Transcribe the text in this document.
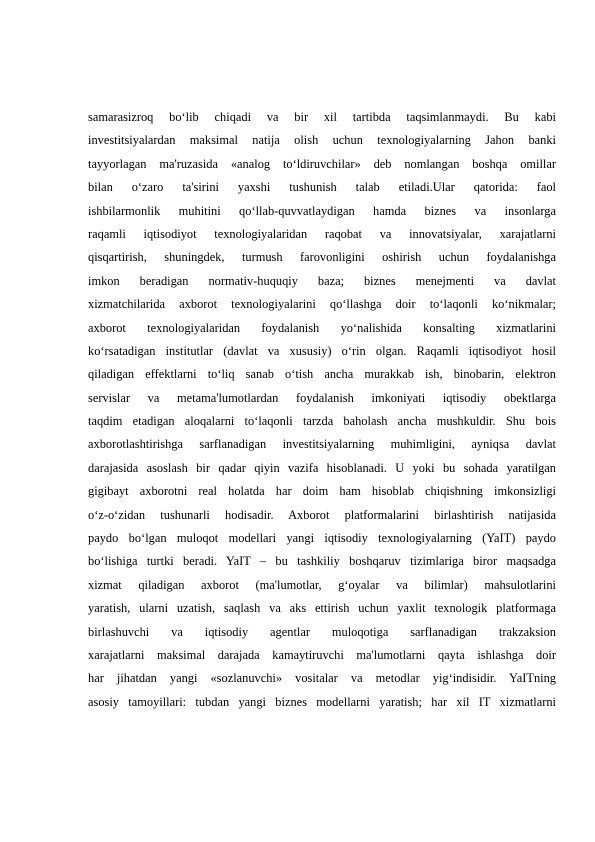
samarasizroq bo‘lib chiqadi va bir xil tartibda taqsimlanmaydi. Bu kabi
investitsiyalardan maksimal natija olish uchun texnologiyalarning Jahon banki
tayyorlagan ma'ruzasida «analog to‘ldiruvchilar» deb nomlangan boshqa omillar
bilan o‘zaro ta'sirini yaxshi tushunish talab etiladi.Ular qatorida: faol
ishbilarmonlik muhitini qo‘llab-quvvatlaydigan hamda biznes va insonlarga
raqamli iqtisodiyot texnologiyalaridan raqobat va innovatsiyalar, xarajatlarni
qisqartirish, shuningdek, turmush farovonligini oshirish uchun foydalanishga
imkon beradigan normativ-huquqiy baza; biznes menejmenti va davlat
xizmatchilarida axborot texnologiyalarini qo‘llashga doir to‘laqonli ko‘nikmalar;
axborot texnologiyalaridan foydalanish yo‘nalishida konsalting xizmatlarini
ko‘rsatadigan institutlar (davlat va xususiy) o‘rin olgan. Raqamli iqtisodiyot hosil
qiladigan effektlarni to‘liq sanab o‘tish ancha murakkab ish, binobarin, elektron
servislar va metama'lumotlardan foydalanish imkoniyati iqtisodiy obektlarga
taqdim etadigan aloqalarni to‘laqonli tarzda baholash ancha mushkuldir. Shu bois
axborotlashtirishga sarflanadigan investitsiyalarning muhimligini, ayniqsa davlat
darajasida asoslash bir qadar qiyin vazifa hisoblanadi. U yoki bu sohada yaratilgan
gigibayt axborotni real holatda har doim ham hisoblab chiqishning imkonsizligi
o‘z-o‘zidan tushunarli hodisadir. Axborot platformalarini birlashtirish natijasida
paydo bo‘lgan muloqot modellari yangi iqtisodiy texnologiyalarning (YaIT) paydo
bo‘lishiga turtki beradi. YaIT – bu tashkiliy boshqaruv tizimlariga biror maqsadga
xizmat qiladigan axborot (ma'lumotlar, g‘oyalar va bilimlar) mahsulotlarini
yaratish, ularni uzatish, saqlash va aks ettirish uchun yaxlit texnologik platformaga
birlashuvchi va iqtisodiy agentlar muloqotiga sarflanadigan trakzaksion
xarajatlarni maksimal darajada kamaytiruvchi ma'lumotlarni qayta ishlashga doir
har jihatdan yangi «sozlanuvchi» vositalar va metodlar yig‘indisidir. YaITning
asosiy tamoyillari: tubdan yangi biznes modellarni yaratish; har xil IT xizmatlarni
